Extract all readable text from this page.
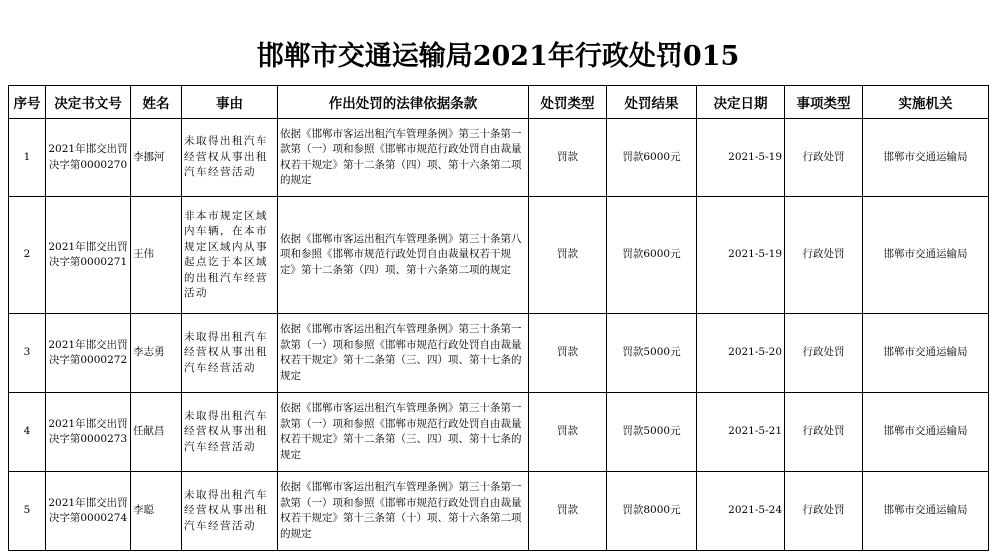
邯郸市交通运输局2021年行政处罚015
序号	决定书文号	姓名	事由	作出处罚的法律依据条款	处罚类型	处罚结果	决定日期	事项类型	实施机关
1	2021年邯交出罚决字第0000270	李挪河	未取得出租汽车经营权从事出租汽车经营活动	依据《邯郸市客运出租汽车管理条例》第三十条第一款第（一）项和参照《邯郸市规范行政处罚自由裁量权若干规定》第十二条第（四）项、第十六条第二项的规定	罚款	罚款6000元	2021-5-19	行政处罚	邯郸市交通运输局
2	2021年邯交出罚决字第0000271	王伟	非本市规定区域内车辆，在本市规定区域内从事起点讫于本区域的出租汽车经营活动	依据《邯郸市客运出租汽车管理条例》第三十条第八项和参照《邯郸市规范行政处罚自由裁量权若干规定》第十二条第（四）项、第十六条第二项的规定	罚款	罚款6000元	2021-5-19	行政处罚	邯郸市交通运输局
3	2021年邯交出罚决字第0000272	李志勇	未取得出租汽车经营权从事出租汽车经营活动	依据《邯郸市客运出租汽车管理条例》第三十条第一款第（一）项和参照《邯郸市规范行政处罚自由裁量权若干规定》第十二条第（三、四）项、第十七条的规定	罚款	罚款5000元	2021-5-20	行政处罚	邯郸市交通运输局
4	2021年邯交出罚决字第0000273	任献昌	未取得出租汽车经营权从事出租汽车经营活动	依据《邯郸市客运出租汽车管理条例》第三十条第一款第（一）项和参照《邯郸市规范行政处罚自由裁量权若干规定》第十二条第（三、四）项、第十七条的规定	罚款	罚款5000元	2021-5-21	行政处罚	邯郸市交通运输局
5	2021年邯交出罚决字第0000274	李聪	未取得出租汽车经营权从事出租汽车经营活动	依据《邯郸市客运出租汽车管理条例》第三十条第一款第（一）项和参照《邯郸市规范行政处罚自由裁量权若干规定》第十三条第（十）项、第十六条第二项的规定	罚款	罚款8000元	2021-5-24	行政处罚	邯郸市交通运输局
